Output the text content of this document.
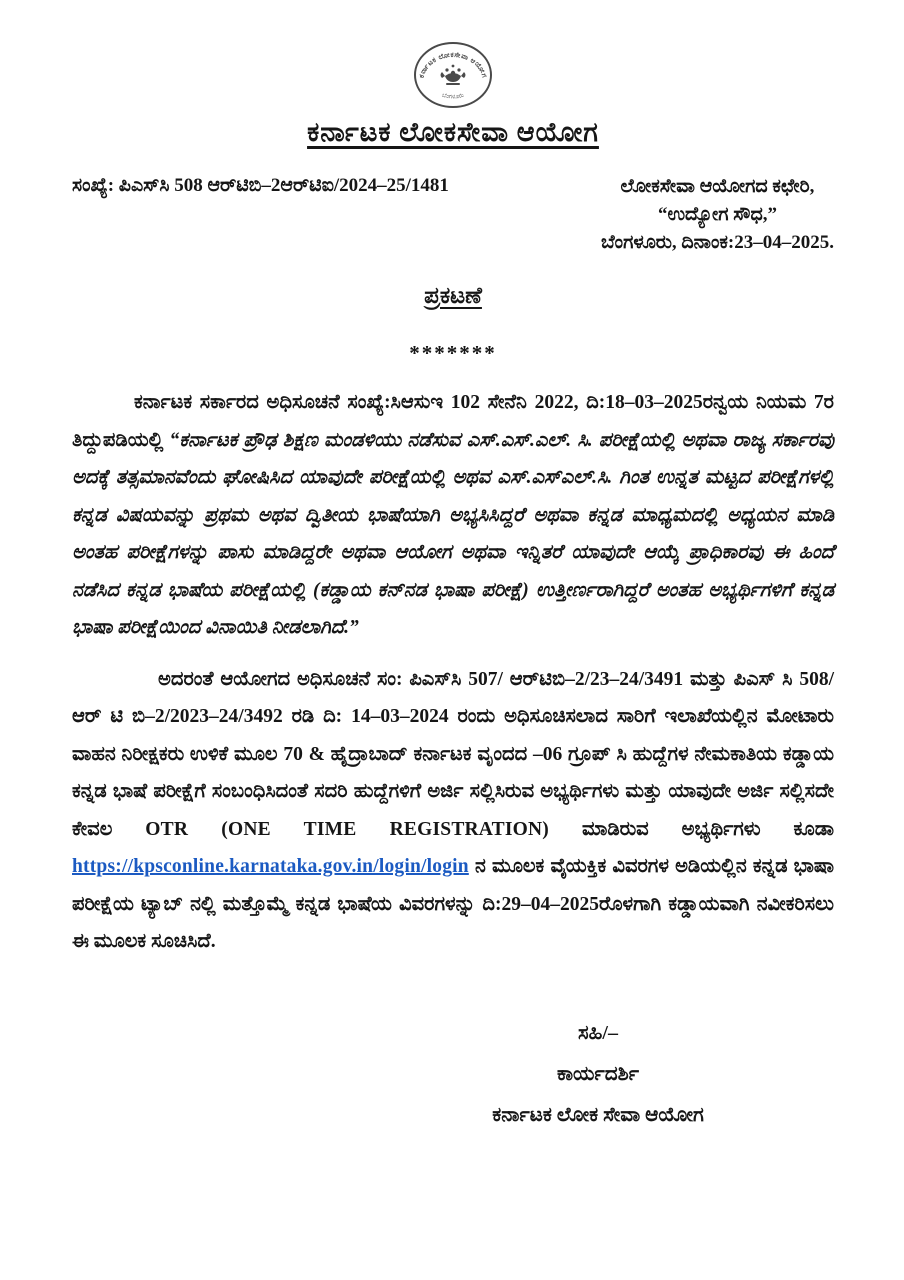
ಕರ್ನಾಟಕ ಲೋಕಸೇವಾ ಆಯೋಗ
ಬೆಂಗಳೂರು
ಕರ್ನಾಟಕ ಲೋಕಸೇವಾ ಆಯೋಗ
ಸಂಖ್ಯೆ: ಪಿಎಸ್‌ಸಿ 508 ಆರ್‌ಟಿಬಿ–2ಆರ್‌ಟಿಐ/2024–25/1481	ಲೋಕಸೇವಾ ಆಯೋಗದ ಕಛೇರಿ,
“ಉದ್ಯೋಗ ಸೌಧ,”
ಬೆಂಗಳೂರು, ದಿನಾಂಕ:23–04–2025.
ಪ್ರಕಟಣೆ
*******

ಕರ್ನಾಟಕ ಸರ್ಕಾರದ ಅಧಿಸೂಚನೆ ಸಂಖ್ಯೆ:ಸಿಆಸುಇ 102 ಸೇನೆನಿ 2022, ದಿ:18–03–2025ರನ್ವಯ ನಿಯಮ 7ರ ತಿದ್ದುಪಡಿಯಲ್ಲಿ “ಕರ್ನಾಟಕ ಪ್ರೌಢ ಶಿಕ್ಷಣ ಮಂಡಳಿಯು ನಡೆಸುವ ಎಸ್.ಎಸ್.ಎಲ್. ಸಿ. ಪರೀಕ್ಷೆಯಲ್ಲಿ ಅಥವಾ ರಾಜ್ಯ ಸರ್ಕಾರವು ಅದಕ್ಕೆ ತತ್ಸಮಾನವೆಂದು ಘೋಷಿಸಿದ ಯಾವುದೇ ಪರೀಕ್ಷೆಯಲ್ಲಿ ಅಥವ ಎಸ್.ಎಸ್ಎಲ್.ಸಿ. ಗಿಂತ ಉನ್ನತ ಮಟ್ಟದ ಪರೀಕ್ಷೆಗಳಲ್ಲಿ ಕನ್ನಡ ವಿಷಯವನ್ನು ಪ್ರಥಮ ಅಥವ ದ್ವಿತೀಯ ಭಾಷೆಯಾಗಿ ಅಭ್ಯಸಿಸಿದ್ದರೆ ಅಥವಾ ಕನ್ನಡ ಮಾಧ್ಯಮದಲ್ಲಿ ಅಧ್ಯಯನ ಮಾಡಿ ಅಂತಹ ಪರೀಕ್ಷೆಗಳನ್ನು ಪಾಸು ಮಾಡಿದ್ದರೇ ಅಥವಾ ಆಯೋಗ ಅಥವಾ ಇನ್ನಿತರೆ ಯಾವುದೇ ಆಯ್ಕೆ ಪ್ರಾಧಿಕಾರವು ಈ ಹಿಂದೆ ನಡೆಸಿದ ಕನ್ನಡ ಭಾಷೆಯ ಪರೀಕ್ಷೆಯಲ್ಲಿ (ಕಡ್ಡಾಯ ಕನ್‌ನಡ ಭಾಷಾ ಪರೀಕ್ಷೆ) ಉತ್ತೀರ್ಣರಾಗಿದ್ದರೆ ಅಂತಹ ಅಭ್ಯರ್ಥಿಗಳಿಗೆ ಕನ್ನಡ ಭಾಷಾ ಪರೀಕ್ಷೆಯಿಂದ ವಿನಾಯಿತಿ ನೀಡಲಾಗಿದೆ.”

ಅದರಂತೆ ಆಯೋಗದ ಅಧಿಸೂಚನೆ ಸಂ: ಪಿಎಸ್‌ಸಿ 507/ ಆರ್‌ಟಿಬಿ–2/23–24/3491 ಮತ್ತು ಪಿಎಸ್ ಸಿ 508/ಆರ್ ಟಿ ಬಿ–2/2023–24/3492 ರಡಿ ದಿ: 14–03–2024 ರಂದು ಅಧಿಸೂಚಿಸಲಾದ ಸಾರಿಗೆ ಇಲಾಖೆಯಲ್ಲಿನ ಮೋಟಾರು ವಾಹನ ನಿರೀಕ್ಷಕರು ಉಳಿಕೆ ಮೂಲ 70 & ಹೈದ್ರಾಬಾದ್ ಕರ್ನಾಟಕ ವೃಂದದ –06 ಗ್ರೂಪ್ ಸಿ ಹುದ್ದೆಗಳ ನೇಮಕಾತಿಯ ಕಡ್ಡಾಯ ಕನ್ನಡ ಭಾಷೆ ಪರೀಕ್ಷೆಗೆ ಸಂಬಂಧಿಸಿದಂತೆ ಸದರಿ ಹುದ್ದೆಗಳಿಗೆ ಅರ್ಜಿ ಸಲ್ಲಿಸಿರುವ ಅಭ್ಯರ್ಥಿಗಳು ಮತ್ತು ಯಾವುದೇ ಅರ್ಜಿ ಸಲ್ಲಿಸದೇ ಕೇವಲ OTR (ONE TIME REGISTRATION) ಮಾಡಿರುವ ಅಭ್ಯರ್ಥಿಗಳು ಕೂಡಾ https://kpsconline.karnataka.gov.in/login/login ನ ಮೂಲಕ ವೈಯಕ್ತಿಕ ವಿವರಗಳ ಅಡಿಯಲ್ಲಿನ ಕನ್ನಡ ಭಾಷಾ ಪರೀಕ್ಷೆಯ ಟ್ಯಾಬ್ ನಲ್ಲಿ ಮತ್ತೊಮ್ಮೆ ಕನ್ನಡ ಭಾಷೆಯ ವಿವರಗಳನ್ನು ದಿ:29–04–2025ರೊಳಗಾಗಿ ಕಡ್ಡಾಯವಾಗಿ ನವೀಕರಿಸಲು ಈ ಮೂಲಕ ಸೂಚಿಸಿದೆ.

ಸಹಿ/–
ಕಾರ್ಯದರ್ಶಿ
ಕರ್ನಾಟಕ ಲೋಕ ಸೇವಾ ಆಯೋಗ
